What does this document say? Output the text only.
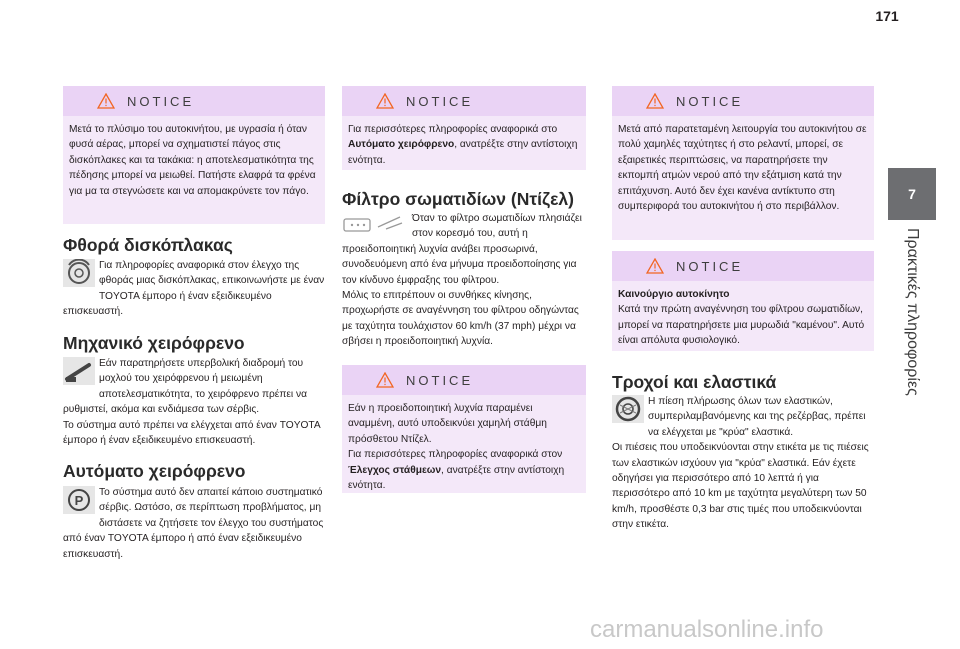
171
7
Πρακτικές πληροφορίες
NOTICE
Μετά το πλύσιμο του αυτοκινήτου, με υγρασία ή όταν φυσά αέρας, μπορεί να σχηματιστεί πάγος στις δισκόπλακες και τα τακάκια: η αποτελεσματικότητα της πέδησης μπορεί να μειωθεί. Πατήστε ελαφρά τα φρένα για μα τα στεγνώσετε και να απομακρύνετε τον πάγο.
Φθορά δισκόπλακας
Για πληροφορίες αναφορικά στον έλεγχο της φθοράς μιας δισκόπλακας, επικοινωνήστε με έναν TOYOTA έμπορο ή έναν εξειδικευμένο επισκευαστή.
Μηχανικό χειρόφρενο

Εάν παρατηρήσετε υπερβολική διαδρομή του μοχλού του χειρόφρενου ή μειωμένη αποτελεσματικότητα, το χειρόφρενο πρέπει να ρυθμιστεί, ακόμα και ενδιάμεσα των σέρβις.

Το σύστημα αυτό πρέπει να ελέγχεται από έναν TOYOTA έμπορο ή έναν εξειδικευμένο επισκευαστή.

Αυτόματο χειρόφρενο
P
Το σύστημα αυτό δεν απαιτεί κάποιο συστηματικό σέρβις. Ωστόσο, σε περίπτωση προβλήματος, μη διστάσετε να ζητήσετε τον έλεγχο του συστήματος από έναν TOYOTA έμπορο ή από έναν εξειδικευμένο επισκευαστή.
NOTICE
Για περισσότερες πληροφορίες αναφορικά στο Αυτόματο χειρόφρενο, ανατρέξτε στην αντίστοιχη ενότητα.
Φίλτρο σωματιδίων (Ντίζελ)

Όταν το φίλτρο σωματιδίων πλησιάζει στον κορεσμό του, αυτή η προειδοποιητική λυχνία ανάβει προσωρινά, συνοδευόμενη από ένα μήνυμα προειδοποίησης για τον κίνδυνο έμφραξης του φίλτρου.

Μόλις το επιτρέπουν οι συνθήκες κίνησης, προχωρήστε σε αναγέννηση του φίλτρου οδηγώντας με ταχύτητα τουλάχιστον 60 km/h (37 mph) μέχρι να σβήσει η προειδοποιητική λυχνία.

NOTICE

Εάν η προειδοποιητική λυχνία παραμένει αναμμένη, αυτό υποδεικνύει χαμηλή στάθμη πρόσθετου Ντίζελ.

Για περισσότερες πληροφορίες αναφορικά στον Έλεγχος στάθμεων, ανατρέξτε στην αντίστοιχη ενότητα.

NOTICE
Μετά από παρατεταμένη λειτουργία του αυτοκινήτου σε πολύ χαμηλές ταχύτητες ή στο ρελαντί, μπορεί, σε εξαιρετικές περιπτώσεις, να παρατηρήσετε την εκπομπή ατμών νερού από την εξάτμιση κατά την επιτάχυνση. Αυτό δεν έχει κανένα αντίκτυπο στη συμπεριφορά του αυτοκινήτου ή στο περιβάλλον.
NOTICE
Καινούργιο αυτοκίνητο
Κατά την πρώτη αναγέννηση του φίλτρου σωματιδίων, μπορεί να παρατηρήσετε μια μυρωδιά "καμένου". Αυτό είναι απόλυτα φυσιολογικό.
Τροχοί και ελαστικά

Η πίεση πλήρωσης όλων των ελαστικών, συμπεριλαμβανόμενης και της ρεζέρβας, πρέπει να ελέγχεται με "κρύα" ελαστικά.

Οι πιέσεις που υποδεικνύονται στην ετικέτα με τις πιέσεις των ελαστικών ισχύουν για "κρύα" ελαστικά. Εάν έχετε οδηγήσει για περισσότερο από 10 λεπτά ή για περισσότερο από 10 km με ταχύτητα μεγαλύτερη των 50 km/h, προσθέστε 0,3 bar στις τιμές που υποδεικνύονται στην ετικέτα.

carmanualsonline.info
